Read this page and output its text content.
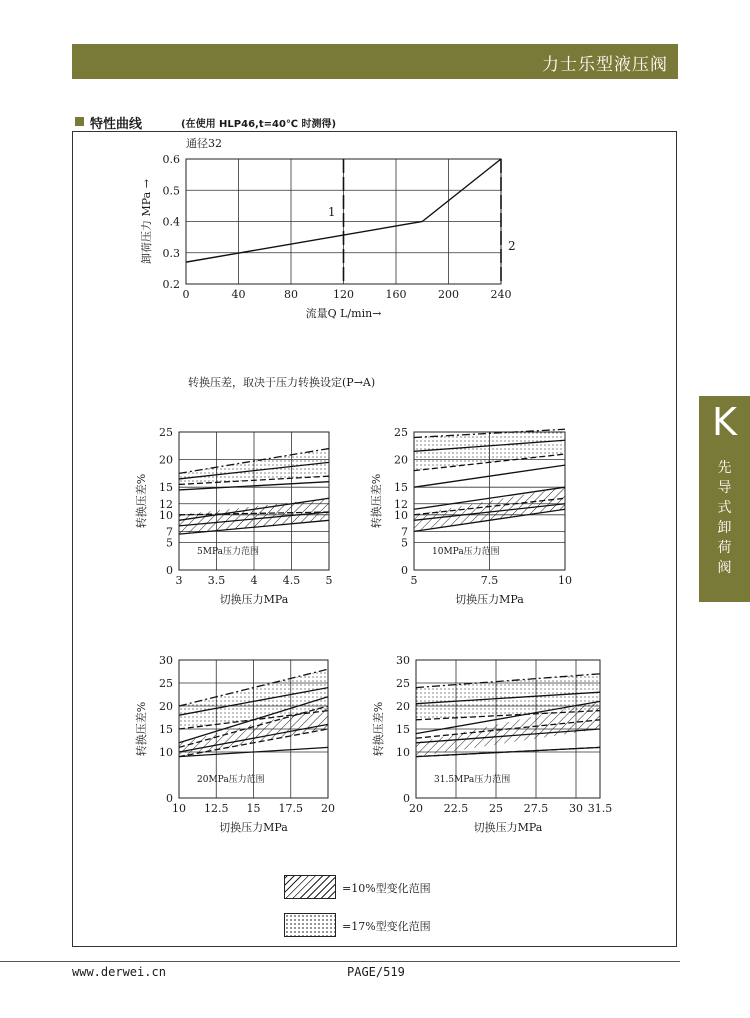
力士乐型液压阀
特性曲线	(在使用 HLP46,t=40℃ 时测得)
K
先导式卸荷阀
转换压差，取决于压力转换设定(P→A)
0	40	80	120	160	200	240
0.2
0.3
0.4
0.5
0.6
1
2
通径32
流量Q L/min→
卸荷压力 MPa →
3 3.5 4 4.5 5
0
5
7
10
12
15
20
25
切换压力MPa
转换压差%
5MPa压力范围
5	7.5	10
0
5
7
10
12
15
20
25
切换压力MPa
转换压差%
10MPa压力范围
10 12.5 15 17.5 20
0
10
15
20
25
30
切换压力MPa
转换压差%
20MPa压力范围
20 22.5 25 27.5 30 31.5
0
10
15
20
25
30
切换压力MPa
转换压差%
31.5MPa压力范围
=10%型变化范围
=17%型变化范围
www.derwei.cn	PAGE/519
